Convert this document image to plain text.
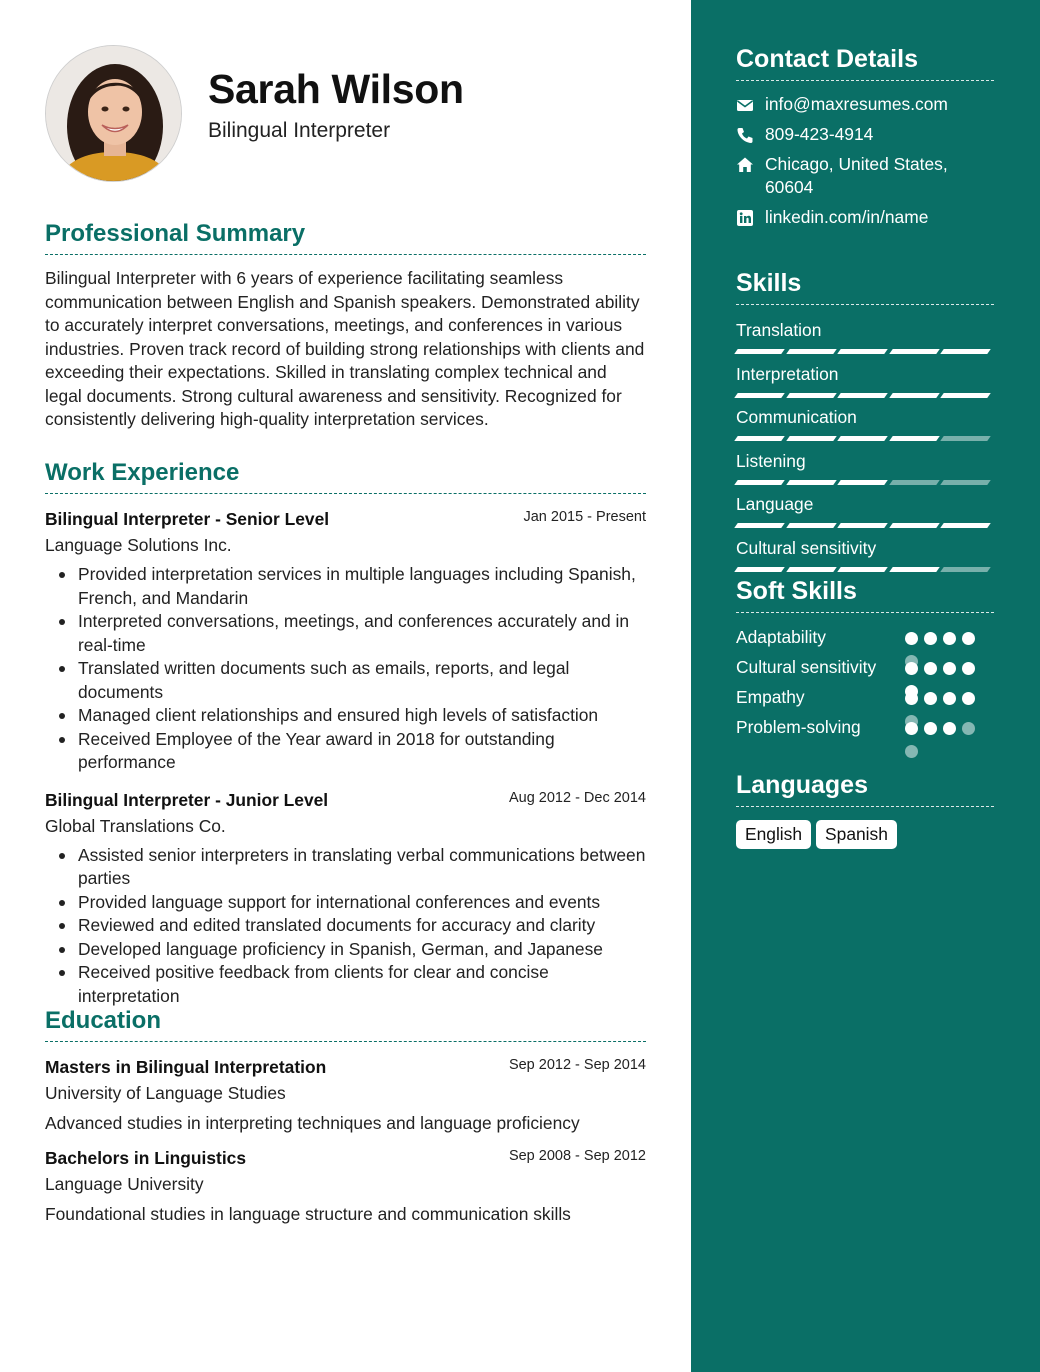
Sarah Wilson
Bilingual Interpreter
Professional Summary

Bilingual Interpreter with 6 years of experience facilitating seamless communication between English and Spanish speakers. Demonstrated ability to accurately interpret conversations, meetings, and conferences in various industries. Proven track record of building strong relationships with clients and exceeding their expectations. Skilled in translating complex technical and legal documents. Strong cultural awareness and sensitivity. Recognized for consistently delivering high-quality interpretation services.

Work Experience
Bilingual Interpreter - Senior Level	Jan 2015 - Present
Language Solutions Inc.
Provided interpretation services in multiple languages including Spanish, French, and Mandarin
Interpreted conversations, meetings, and conferences accurately and in real-time
Translated written documents such as emails, reports, and legal documents
Managed client relationships and ensured high levels of satisfaction
Received Employee of the Year award in 2018 for outstanding performance
Bilingual Interpreter - Junior Level	Aug 2012 - Dec 2014
Global Translations Co.
Assisted senior interpreters in translating verbal communications between parties
Provided language support for international conferences and events
Reviewed and edited translated documents for accuracy and clarity
Developed language proficiency in Spanish, German, and Japanese
Received positive feedback from clients for clear and concise interpretation
Education
Masters in Bilingual Interpretation	Sep 2012 - Sep 2014
University of Language Studies
Advanced studies in interpreting techniques and language proficiency
Bachelors in Linguistics	Sep 2008 - Sep 2012
Language University
Foundational studies in language structure and communication skills
Contact Details
info@maxresumes.com
809-423-4914
Chicago, United States, 60604
linkedin.com/in/name
Skills
Translation
Interpretation
Communication
Listening
Language
Cultural sensitivity
Soft Skills
Adaptability
Cultural sensitivity
Empathy
Problem-solving
Languages
English	Spanish
